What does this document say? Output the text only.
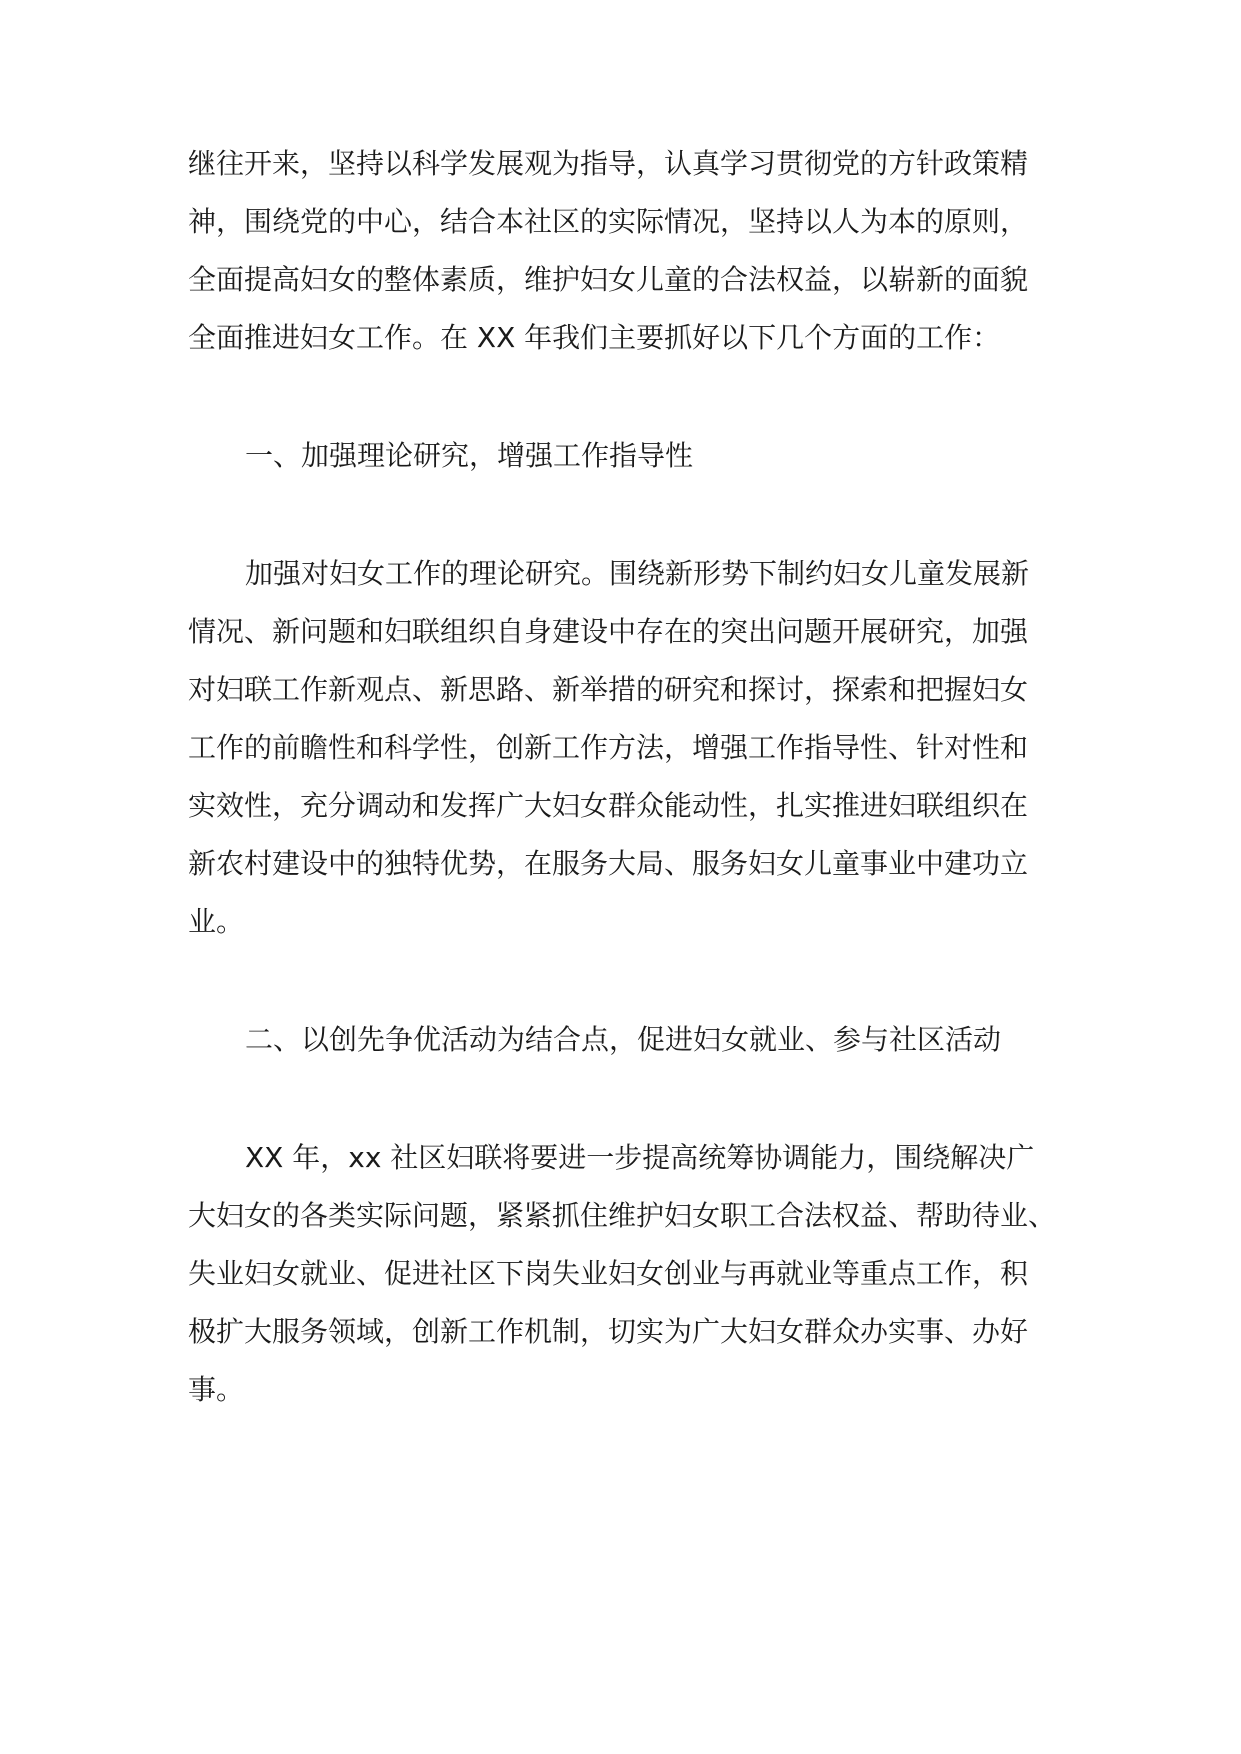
继往开来，坚持以科学发展观为指导，认真学习贯彻党的方针政策精
神，围绕党的中心，结合本社区的实际情况，坚持以人为本的原则，
全面提高妇女的整体素质，维护妇女儿童的合法权益，以崭新的面貌
全面推进妇女工作。在 XX 年我们主要抓好以下几个方面的工作：
一、加强理论研究，增强工作指导性
加强对妇女工作的理论研究。围绕新形势下制约妇女儿童发展新
情况、新问题和妇联组织自身建设中存在的突出问题开展研究，加强
对妇联工作新观点、新思路、新举措的研究和探讨，探索和把握妇女
工作的前瞻性和科学性，创新工作方法，增强工作指导性、针对性和
实效性，充分调动和发挥广大妇女群众能动性，扎实推进妇联组织在
新农村建设中的独特优势，在服务大局、服务妇女儿童事业中建功立
业。
二、以创先争优活动为结合点，促进妇女就业、参与社区活动
XX 年，xx 社区妇联将要进一步提高统筹协调能力，围绕解决广
大妇女的各类实际问题，紧紧抓住维护妇女职工合法权益、帮助待业、
失业妇女就业、促进社区下岗失业妇女创业与再就业等重点工作，积
极扩大服务领域，创新工作机制，切实为广大妇女群众办实事、办好
事。
